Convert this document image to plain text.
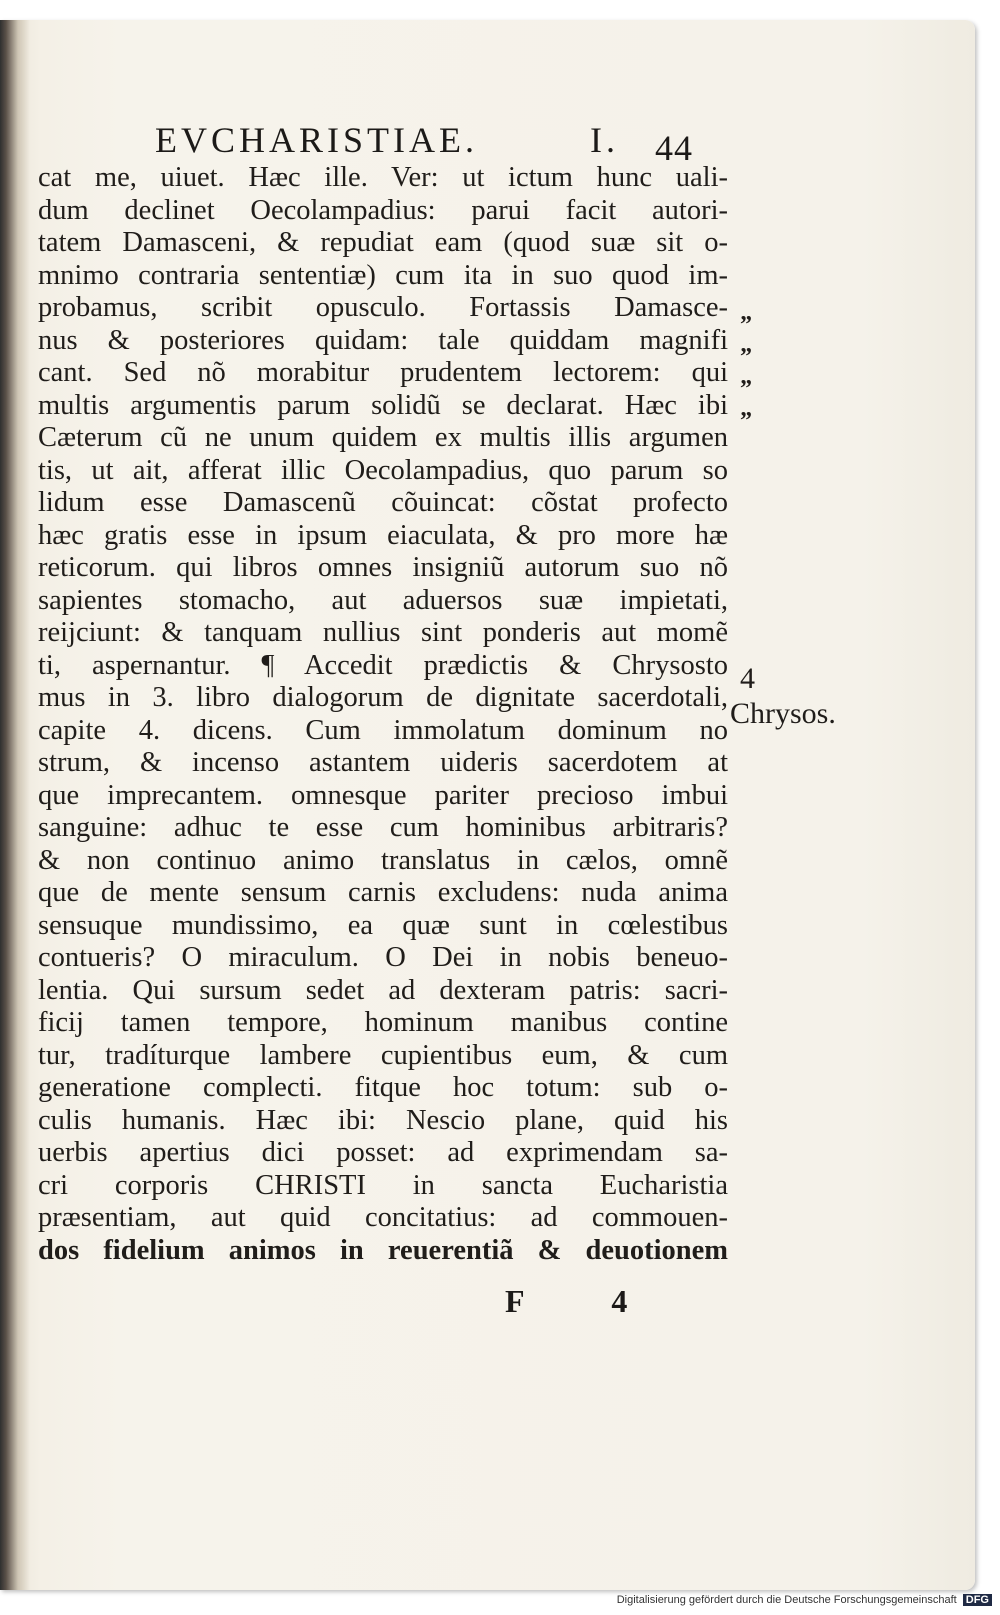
EVCHARISTIAE.	I. 44
cat me, uiuet. Hæc ille. Ver: ut ictum hunc uali-
dum declinet Oecolampadius: parui facit autori-
tatem Damasceni, & repudiat eam (quod suæ sit o-
mnimo contraria sententiæ) cum ita in suo quod im-
probamus, scribit opusculo. Fortassis Damasce-
nus & posteriores quidam: tale quiddam magnifi
cant. Sed nõ morabitur prudentem lectorem: qui
multis argumentis parum solidũ se declarat. Hæc ibi
Cæterum cũ ne unum quidem ex multis illis argumen
tis, ut ait, afferat illic Oecolampadius, quo parum so
lidum esse Damascenũ cõuincat: cõstat profecto
hæc gratis esse in ipsum eiaculata, & pro more hæ
reticorum. qui libros omnes insigniũ autorum suo nõ
sapientes stomacho, aut aduersos suæ impietati,
reijciunt: & tanquam nullius sint ponderis aut momẽ
ti, aspernantur. ¶ Accedit prædictis & Chrysosto
mus in 3. libro dialogorum de dignitate sacerdotali,
capite 4. dicens. Cum immolatum dominum no
strum, & incenso astantem uideris sacerdotem at
que imprecantem. omnesque pariter precioso imbui
sanguine: adhuc te esse cum hominibus arbitraris?
& non continuo animo translatus in cælos, omnẽ
que de mente sensum carnis excludens: nuda anima
sensuque mundissimo, ea quæ sunt in cœlestibus
contueris? O miraculum. O Dei in nobis beneuo-
lentia. Qui sursum sedet ad dexteram patris: sacri-
ficij tamen tempore, hominum manibus contine
tur, tradíturque lambere cupientibus eum, & cum
generatione complecti. fitque hoc totum: sub o-
culis humanis. Hæc ibi: Nescio plane, quid his
uerbis apertius dici posset: ad exprimendam sa-
cri corporis CHRISTI in sancta Eucharistia
præsentiam, aut quid concitatius: ad commouen-
dos fidelium animos in reuerentiã & deuotionem
”
”
”
”
4
Chrysos.
F 4
Digitalisierung gefördert durch die Deutsche Forschungsgemeinschaft DFG
